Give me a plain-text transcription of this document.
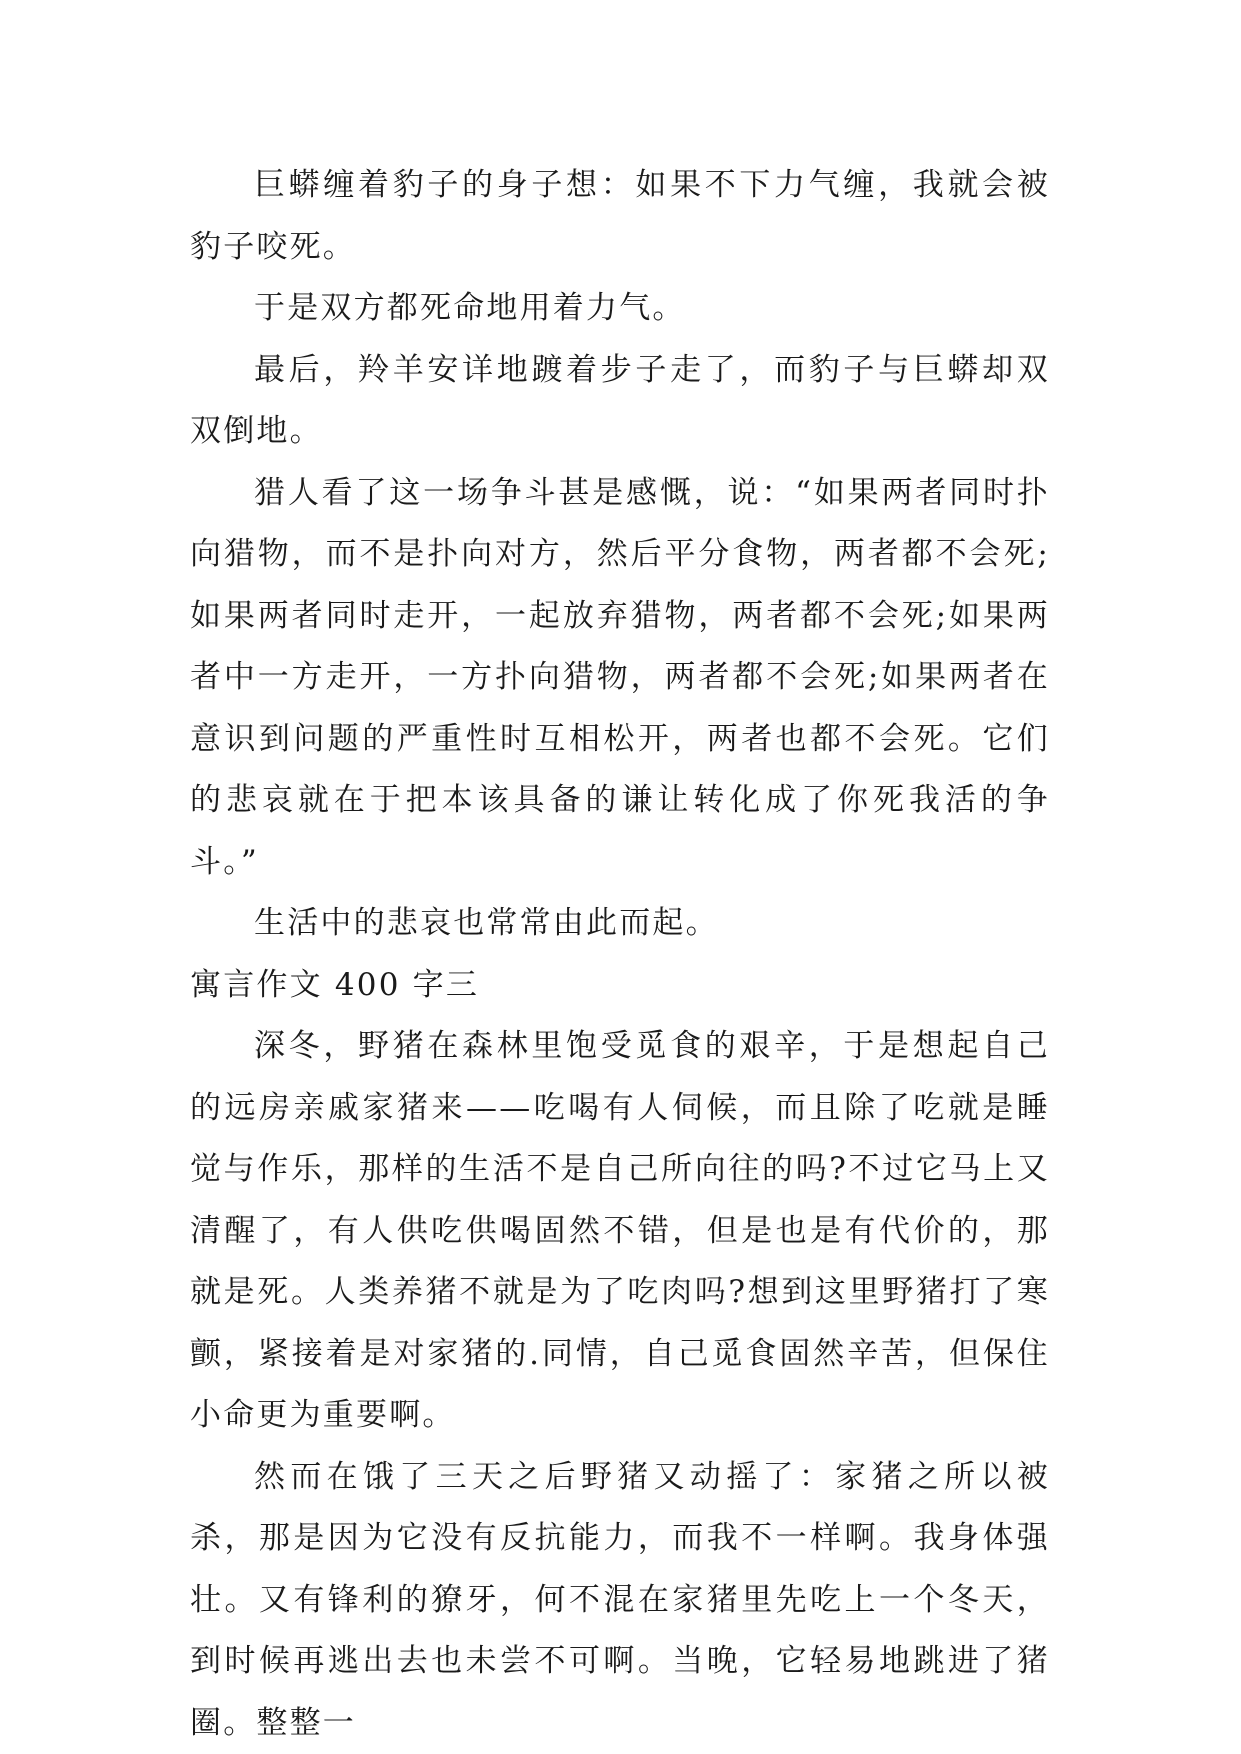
巨蟒缠着豹子的身子想：如果不下力气缠，我就会被豹子咬死。

于是双方都死命地用着力气。

最后，羚羊安详地踱着步子走了，而豹子与巨蟒却双双倒地。

猎人看了这一场争斗甚是感慨，说：“如果两者同时扑向猎物，而不是扑向对方，然后平分食物，两者都不会死;如果两者同时走开，一起放弃猎物，两者都不会死;如果两者中一方走开，一方扑向猎物，两者都不会死;如果两者在意识到问题的严重性时互相松开，两者也都不会死。它们的悲哀就在于把本该具备的谦让转化成了你死我活的争斗。”

生活中的悲哀也常常由此而起。

寓言作文 400 字三

深冬，野猪在森林里饱受觅食的艰辛，于是想起自己的远房亲戚家猪来——吃喝有人伺候，而且除了吃就是睡觉与作乐，那样的生活不是自己所向往的吗?不过它马上又清醒了，有人供吃供喝固然不错，但是也是有代价的，那就是死。人类养猪不就是为了吃肉吗?想到这里野猪打了寒颤，紧接着是对家猪的.同情，自己觅食固然辛苦，但保住小命更为重要啊。

然而在饿了三天之后野猪又动摇了：家猪之所以被杀，那是因为它没有反抗能力，而我不一样啊。我身体强壮。又有锋利的獠牙，何不混在家猪里先吃上一个冬天，到时候再逃出去也未尝不可啊。当晚，它轻易地跳进了猪圈。整整一
